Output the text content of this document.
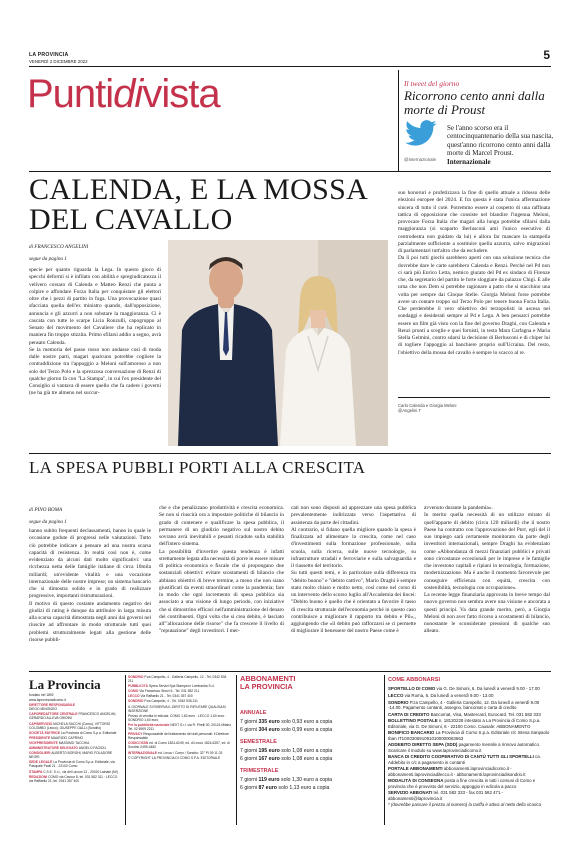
LA PROVINCIA
VENERDÌ 2 DICEMBRE 2022	5
Puntidivista	Il tweet del giorno
Ricorrono cento anni dalla morte di Proust
Se l'anno scorso era il centocinquantenario della sua nascita, quest'anno ricorrono cento anni dalla morte di Marcel Proust. Internazionale
@Internazionale
CALENDA, E LA MOSSA
DEL CAVALLO
di FRANCESCO ANGELINI
segue da pagina 1

specie per quanto riguarda la Lega. In questo gioco di specchi deformi si è infilato con abilità e spregiudicatezza il velivero corsaro di Calenda e Matteo Renzi che punta a colpire e affondare Forza Italia per conquistare gli elettori oltre che i pezzi di partito in fuga. Una provocazione quasi sfacciata quella dell'ex ministro quando, dall'opposizione, annuncia e gli azzurri a non sobstare la maggioranza. Ci è cascata con tutte le scarpe Licia Ronzulli, capogruppo al Senato del movimento del Cavaliere che ha replicato in maniera fin troppo stizzita. Primo sfilarsi addio a segno, avrà pensato Calenda.
Se la memoria del passe rosso non andasse così di moda dalle nostre parti, magari qualcuno potrebbe cogliere la contraddizione tra l'appoggio a Meloni sull'amoroso a non solo del Terzo Polo e la sprezzosa conversazione di Renzi di qualche giorno fa con "La Stampa", in cui l'ex presidente del Consiglio si vantava di essere quello che fa cadere i governi (ne ha già tre almeno nel succur-

suo honoruri e profetizzava la fine di quello attuale a ridosso delle elezioni europee del 2024. E fra questa è stata l'unica affermazione sincera di tutto il cotè. Potremmo essere al cospetto di una raffinata tattica di opposizione che consiste nel blandire l'ingenua Meloni, provocare Forza Italia che magari alla lunga potrebbe sfilarsi dalla maggioranza (si scaparto Berlusconi ami l'unico esecutivo di centrodestra non guidato da lui) e allora far mancare la stampella parzialmente sufficiente a sostituire quella azzurra, salvo migrazioni di parlamentari tutt'altro che da escludere.
Da lì poi tutti giochi sarebbero aperti con una soluzione tecnica che dovrebbe dare le carte sarebbero Calenda e Renzi. Perché nel Pd non ci sarà più Enrico Letta, nemico giurato del Pd ex sindaco di Firenze che, da segretario del partito le forte sloggiare da palazzo Chigi. E alle urna che non Dem si potrebbe ragionare a patto che si stacchino una volta per sempre dai Cinque Stelle. Giorgia Meloni forse potrebbe avere un contare troppo sul Terzo Polo per tenere buona Forza Italia. Che perderebbe il vero obiettivo dei terzopolisti in ascesa nei sondaggi e desiderati sempre al Pd e Lega. A ben pensarci potrebbe essere un film già visto con la fine del governo Draghi, con Calenda e Renzi pronti a sceglie e quei fornisti, in testa Mara Carfagna e Maria Stella Gelmini, contro sdarsi la decisione di Berlusconi e di chiper lui di togliere l'appoggio al banchiere proprio sull'Ucraina. Del resto, l'obiettivo della mossa del cavallo è sempre lo scacco al re.

Carlo Calenda e Giorgia Meloni
@Angelini.T
LA SPESA PUBBLI PORTI ALLA CRESCITA
di PINO BOMA
segue da pagina 1

hanno subito frequenti declassamenti, hanno in quale le occasione godute di progressi nelle valutazioni. Tutto ciò potrebbe indicare a pensare ad una nostra scarsa capacità di resistenza. In realtà così non è, come evidenziato da alcuni dati molto significativi: una ricchezza netta delle famiglie italiane di circa 10mila miliardi; un'evidente vitalità e una vocazione internazionale delle nostre imprese; un sistema bancario che si dimostra solido e in grado di realizzare progressive, importanti ristrutturazioni.
Il motivo di questo costante andamento negativo dei giudizi di rating è dunque da attribuire in larga misura alla scarsa capacità dimostrata negli anni dai governi nel riuscire ad affrontare in modo strutturale tutti quei problemi strutturalmente legati alla gestione delle risorse pubbli-

che e che penalizzano produttività e crescita economica. Se non si riuscirà ora a impostare politiche di bilancio in grado di contenere e qualificare la spesa pubblica, il permanere di un giudizio negativo sul nostro debito sovrano avrà inevitabili e pesanti ricadute sulla stabilità dell'intero sistema.
La possibilità d'invertire questa tendenza è infatti strettamente legata alla necessità di porre in essere misure di politica economica e fiscale che si propongano due sostanziali obiettivi: evitare scostamenti di bilancio che abbiano obiettivi di breve termine, a meno che non siano giustificati da eventi straordinari come la pandemia; fare in modo che ogni incremento di spesa pubblica sia associato a una visione di lungo periodo, con iniziative che si dimostrino efficaci nell'amministrazione del denaro dei contribuenti. Ogni volta che si crea debito, è lasciato all'"allocazione delle risorse" che fa crescere il livello di "reputazione" degli investitori. I mer-

cati non sono disposti ad apprezzare una spesa pubblica prevalentemente indirizzata verso l'aspettativa di assistenza da parte dei cittadini.
Al contrario, si fidano quella migliore quando la spesa è finalizzata ad alimentare la crescita, come nel caso d'investimenti sulla formazione professionale, sulla scuola, sulla ricerca, sulle nuove tecnologie, su infrastrutture stradali e ferroviarie e sulla salvaguardia e il riassetto del territorio.
Su tutti questi temi, e in particolare sulla differenza tra "debito buono" e "debito cattivo", Mario Draghi è sempre stato molto chiaro e molto netto, così come nel corso di un intervento dello scorso luglio all'Accademia dei lincei: "Debito buono è quello che è orientato a favorire il tasso di crescita strutturale dell'economia perché in questo caso contribuisce a migliorare il rapporto tra debito e Pil»,, aggiungendo che «il debito può rafforzarsi se ci permette di migliorare il benessere del nostro Paese come è

avvenuto durante la pandemia».
In merito quella necessità di un utilizzo mirato di quell'apparte di debito (circa 120 miliardi) che il nostro Paese ha contratto con l'approvazione del Pnrr, egli del il suo impiego sarà certamente monitorato da parte degli investitori internazionali, sempre Draghi ha evidenziato come «Abbondanza di mezzi finanziari pubblici e privati sono circostanze eccezionali per le imprese e le famiglie che investono capitali e ripiani in tecnologia, formazione, modernizzazione. Ma è anche il momento favorevole per conseguire efficienza con equità, crescita con sostenibilità, tecnologia con occupazione».
La recente legge finanziaria approvata in breve tempo dal nuovo governo non sembra avere una visione e ancorata a questi principi. Va data grande merito, però, a Giorgia Meloni di non aver fatto ricorso a scostamenti di bilancio, nonostante le sconsiderate pressioni di qualche suo alleato.

La Provincia

fondato nel 1892

www.laprovinciadicomo.it

DIRETTORE RESPONSABILE
DIEGO MINONZIO

CAPOREDATTORE CENTRALE FRANCESCO ANGELINI, GERARDO ALLEVA GHIDINI

CAPISERVIZIO MICHELA SACCHI (Como), VITTORIO COLOMBO (Lecco), GIUSEPPE GALLI (Sondrio)

SOCIETÀ EDITRICE La Provincia di Como S.p.a. Editoriale

PRESIDENTE MAURIZIO CAPRINO

VICEPRESIDENTE MASSIMO TACCHIA

AMMINISTRATORE DELEGATO ANGELO FAGIOLI

CONSIGLIERI ALBERTO BORGHI, MARIO FOLADORE NEGRI

SEDE LEGALE La Provincia di Como S.p.a. Editoriale, via Pasquale Paoli 21 - 22100 Como

STAMPA C.S.E. S.r.l., via del Lavoro 12 - 20020 Lainate (MI)

REDAZIONI COMO via Cavour 8, tel. 031 582 311 · LECCO via Raffaello 21, tel. 0341 357 400

SONDRIO P.za Campello, 4 - Galleria Campello, 12 - Tel. 0342 535 211

PUBBLICITÀ Sprea Servizi Spa Stampa in Lombardia S.r.l.

COMO Via Francesco Sforzi 5 - Tel. 031 582 211

LECCO Via Raffaello 21 - Tel. 0341 357 400

SONDRIO P.za Campello, 4 - Tel. 0342 535 211

IL GIORNALE SI RISERVA IL DIRITTO DI RIFIUTARE QUALSIASI INSERZIONE

Prezzo di vendita in edicola: COMO 1,60 euro · LECCO 1,60 euro · SONDRIO 1,60 euro

Per la pubblicità nazionale NEXT S.r.l. via R. Pirelli 30, 20124 Milano Tel. 02 6909 2211

PRIVACY Responsabile del trattamento dei dati personali: il Direttore Responsabile

CODICI ISSN ed. di Como 1824-6249, ed. di Lecco 1824-6257, ed. di Sondrio 2499-4460

INTERNAZIONALE ed. Lecco / Como / Sondrio: 32° PI 09 11 03

© COPYRIGHT LA PROVINCIA DI COMO S.P.A. EDITORIALE

ABBONAMENTI
LA PROVINCIA
ANNUALE
7 giorni 335 euro solo 0,93 euro a copia
6 giorni 304 euro solo 0,99 euro a copia
SEMESTRALE
7 giorni 195 euro solo 1,08 euro a copia
6 giorni 167 euro solo 1,08 euro a copia
TRIMESTRALE
7 giorni 119 euro solo 1,30 euro a copia
6 giorni 87 euro solo 1,13 euro a copia
COME ABBONARSI

SPORTELLO DI COMO via G. De Simoni, 6. Da lunedì a venerdì 9.00 - 17.00

LECCO via Roma, 6. Da lunedì a venerdì 9.00 - 13.00

SONDRIO P.za Campello, 4 - Galleria Campello, 12. Da lunedì a venerdì 9.00 -14.00. Pagamento contanti, assegno, bancomat o carta di credito

CARTA DI CREDITO Bancomat, Visa, Mastercard, Eurocard. Tel. 031 582 333

BOLLETTINO POSTALE n. 18120228 intestato a La Provincia di Como S.p.a. Editoriale, via G. De Simoni, 6 - 22100 Como. Causale: ABBONAMENTO

BONIFICO BANCARIO La Provincia di Como S.p.a. Editoriale c/c Intesa Sanpaolo Iban IT10X0306910910100000063663

ADDEBITO DIRETTO SEPA (SDD) pagamento mensile a rinnovo automatico. Scaricare il modulo su www.laprovinciadicomo.it

BANCA DI CREDITO COOPERATIVO DI CANTÙ TUTTI GLI SPORTELLI ca. Addebito in c/c a pagamento in contanti

PORTALE ABBONAMENTI abbonamenti.laprovinciadicomo.it - abbonamenti.laprovinciadilecco.it - abbonamenti.laprovinciadisondrio.it

MODALITÀ DI CONSEGNA posta a fine crescita in tutti i comuni di Como e provincia che è provvisto del servizio, appoggio in edicola a pacco

SERVIZIO ABBONATI tel. 031 582 333 - fax 031 582 471 - abbonamenti@laprovincia.it

* (dovrebbe passare il prezzo al numero) la tariffa è attiva al netto della ricarica
